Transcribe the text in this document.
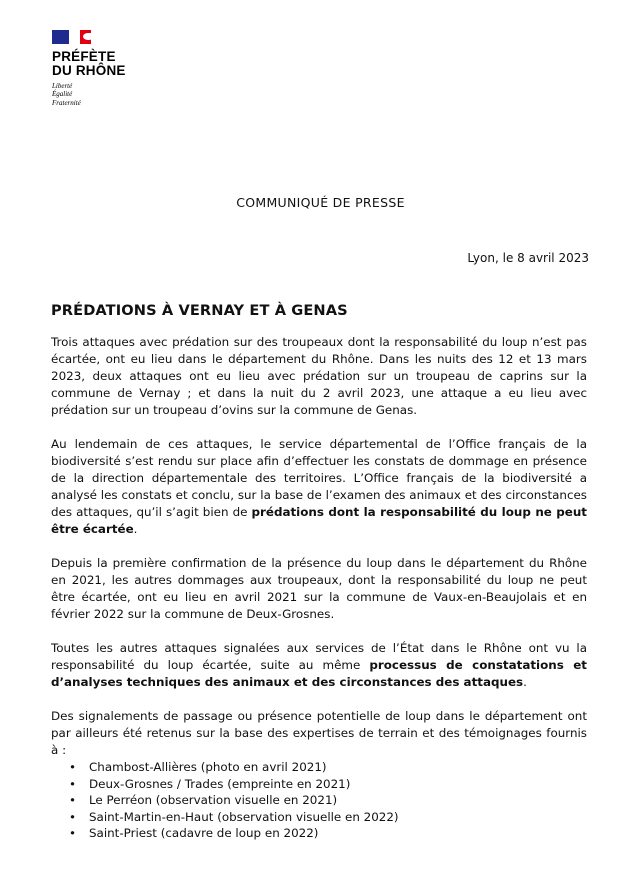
PRÉFÈTE
DU RHÔNE
Liberté
Égalité
Fraternité
COMMUNIQUÉ DE PRESSE
Lyon, le 8 avril 2023
PRÉDATIONS À VERNAY ET À GENAS

Trois attaques avec prédation sur des troupeaux dont la responsabilité du loup n’est pas écartée, ont eu lieu dans le département du Rhône. Dans les nuits des 12 et 13 mars 2023, deux attaques ont eu lieu avec prédation sur un troupeau de caprins sur la commune de Vernay ; et dans la nuit du 2 avril 2023, une attaque a eu lieu avec prédation sur un troupeau d’ovins sur la commune de Genas.

Au lendemain de ces attaques, le service départemental de l’Office français de la biodiversité s’est rendu sur place afin d’effectuer les constats de dommage en présence de la direction départementale des territoires. L’Office français de la biodiversité a analysé les constats et conclu, sur la base de l’examen des animaux et des circonstances des attaques, qu’il s’agit bien de prédations dont la responsabilité du loup ne peut être écartée.

Depuis la première confirmation de la présence du loup dans le département du Rhône en 2021, les autres dommages aux troupeaux, dont la responsabilité du loup ne peut être écartée, ont eu lieu en avril 2021 sur la commune de Vaux-en-Beaujolais et en février 2022 sur la commune de Deux-Grosnes.

Toutes les autres attaques signalées aux services de l’État dans le Rhône ont vu la responsabilité du loup écartée, suite au même processus de constatations et d’analyses techniques des animaux et des circonstances des attaques.

Des signalements de passage ou présence potentielle de loup dans le département ont par ailleurs été retenus sur la base des expertises de terrain et des témoignages fournis à :

• Chambost-Allières (photo en avril 2021)
• Deux-Grosnes / Trades (empreinte en 2021)
• Le Perréon (observation visuelle en 2021)
• Saint-Martin-en-Haut (observation visuelle en 2022)
• Saint-Priest (cadavre de loup en 2022)
